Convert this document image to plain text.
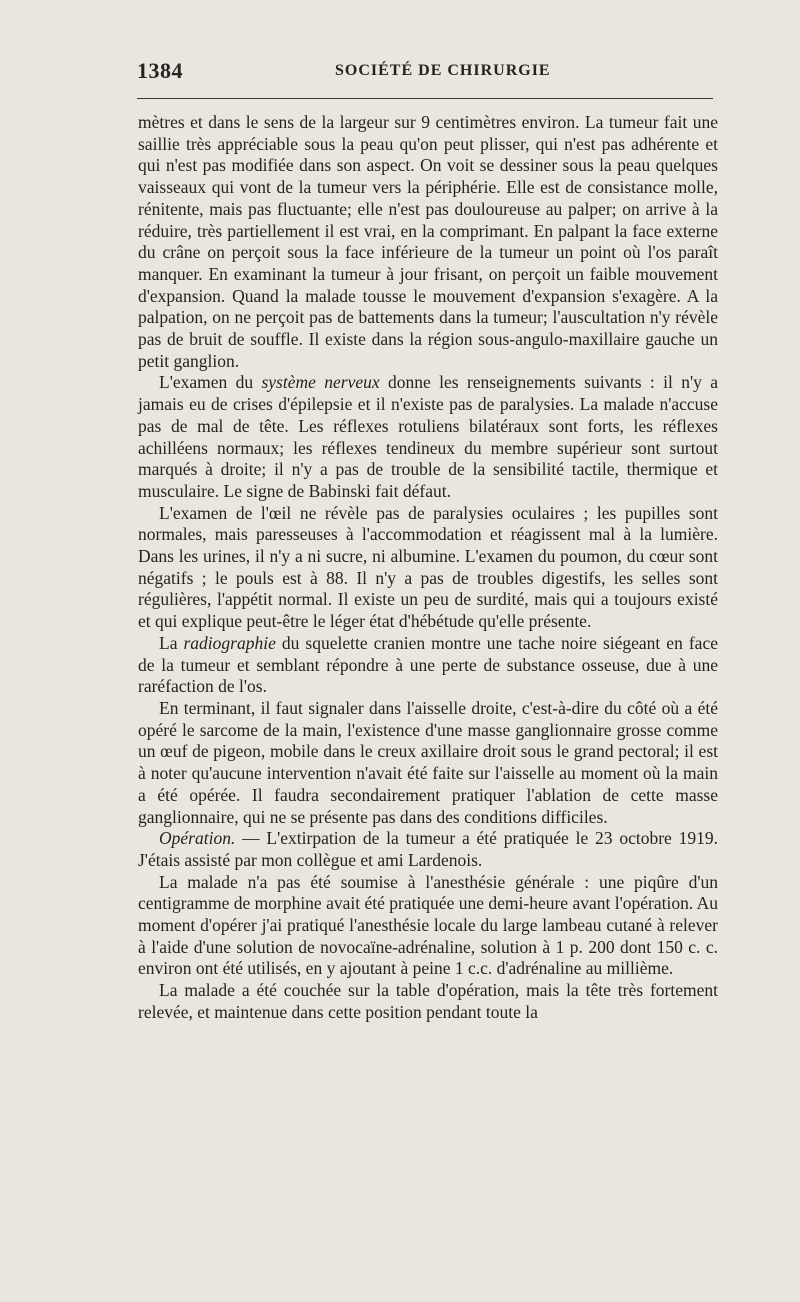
1384	SOCIÉTÉ DE CHIRURGIE

mètres et dans le sens de la largeur sur 9 centimètres environ. La tumeur fait une saillie très appréciable sous la peau qu'on peut plisser, qui n'est pas adhérente et qui n'est pas modifiée dans son aspect. On voit se dessiner sous la peau quelques vaisseaux qui vont de la tumeur vers la périphérie. Elle est de consistance molle, rénitente, mais pas fluctuante; elle n'est pas douloureuse au palper; on arrive à la réduire, très partiellement il est vrai, en la comprimant. En palpant la face externe du crâne on perçoit sous la face inférieure de la tumeur un point où l'os paraît manquer. En examinant la tumeur à jour frisant, on perçoit un faible mouvement d'expansion. Quand la malade tousse le mouvement d'expansion s'exagère. A la palpation, on ne perçoit pas de battements dans la tumeur; l'auscultation n'y révèle pas de bruit de souffle. Il existe dans la région sous-angulo-maxillaire gauche un petit ganglion.

L'examen du système nerveux donne les renseignements suivants : il n'y a jamais eu de crises d'épilepsie et il n'existe pas de paralysies. La malade n'accuse pas de mal de tête. Les réflexes rotuliens bilatéraux sont forts, les réflexes achilléens normaux; les réflexes tendineux du membre supérieur sont surtout marqués à droite; il n'y a pas de trouble de la sensibilité tactile, thermique et musculaire. Le signe de Babinski fait défaut.

L'examen de l'œil ne révèle pas de paralysies oculaires ; les pupilles sont normales, mais paresseuses à l'accommodation et réagissent mal à la lumière. Dans les urines, il n'y a ni sucre, ni albumine. L'examen du poumon, du cœur sont négatifs ; le pouls est à 88. Il n'y a pas de troubles digestifs, les selles sont régulières, l'appétit normal. Il existe un peu de surdité, mais qui a toujours existé et qui explique peut-être le léger état d'hébétude qu'elle présente.

La radiographie du squelette cranien montre une tache noire siégeant en face de la tumeur et semblant répondre à une perte de substance osseuse, due à une raréfaction de l'os.

En terminant, il faut signaler dans l'aisselle droite, c'est-à-dire du côté où a été opéré le sarcome de la main, l'existence d'une masse ganglionnaire grosse comme un œuf de pigeon, mobile dans le creux axillaire droit sous le grand pectoral; il est à noter qu'aucune intervention n'avait été faite sur l'aisselle au moment où la main a été opérée. Il faudra secondairement pratiquer l'ablation de cette masse ganglionnaire, qui ne se présente pas dans des conditions difficiles.

Opération. — L'extirpation de la tumeur a été pratiquée le 23 octobre 1919. J'étais assisté par mon collègue et ami Lardenois.

La malade n'a pas été soumise à l'anesthésie générale : une piqûre d'un centigramme de morphine avait été pratiquée une demi-heure avant l'opération. Au moment d'opérer j'ai pratiqué l'anesthésie locale du large lambeau cutané à relever à l'aide d'une solution de novocaïne-adrénaline, solution à 1 p. 200 dont 150 c. c. environ ont été utilisés, en y ajoutant à peine 1 c.c. d'adrénaline au millième.

La malade a été couchée sur la table d'opération, mais la tête très fortement relevée, et maintenue dans cette position pendant toute la
